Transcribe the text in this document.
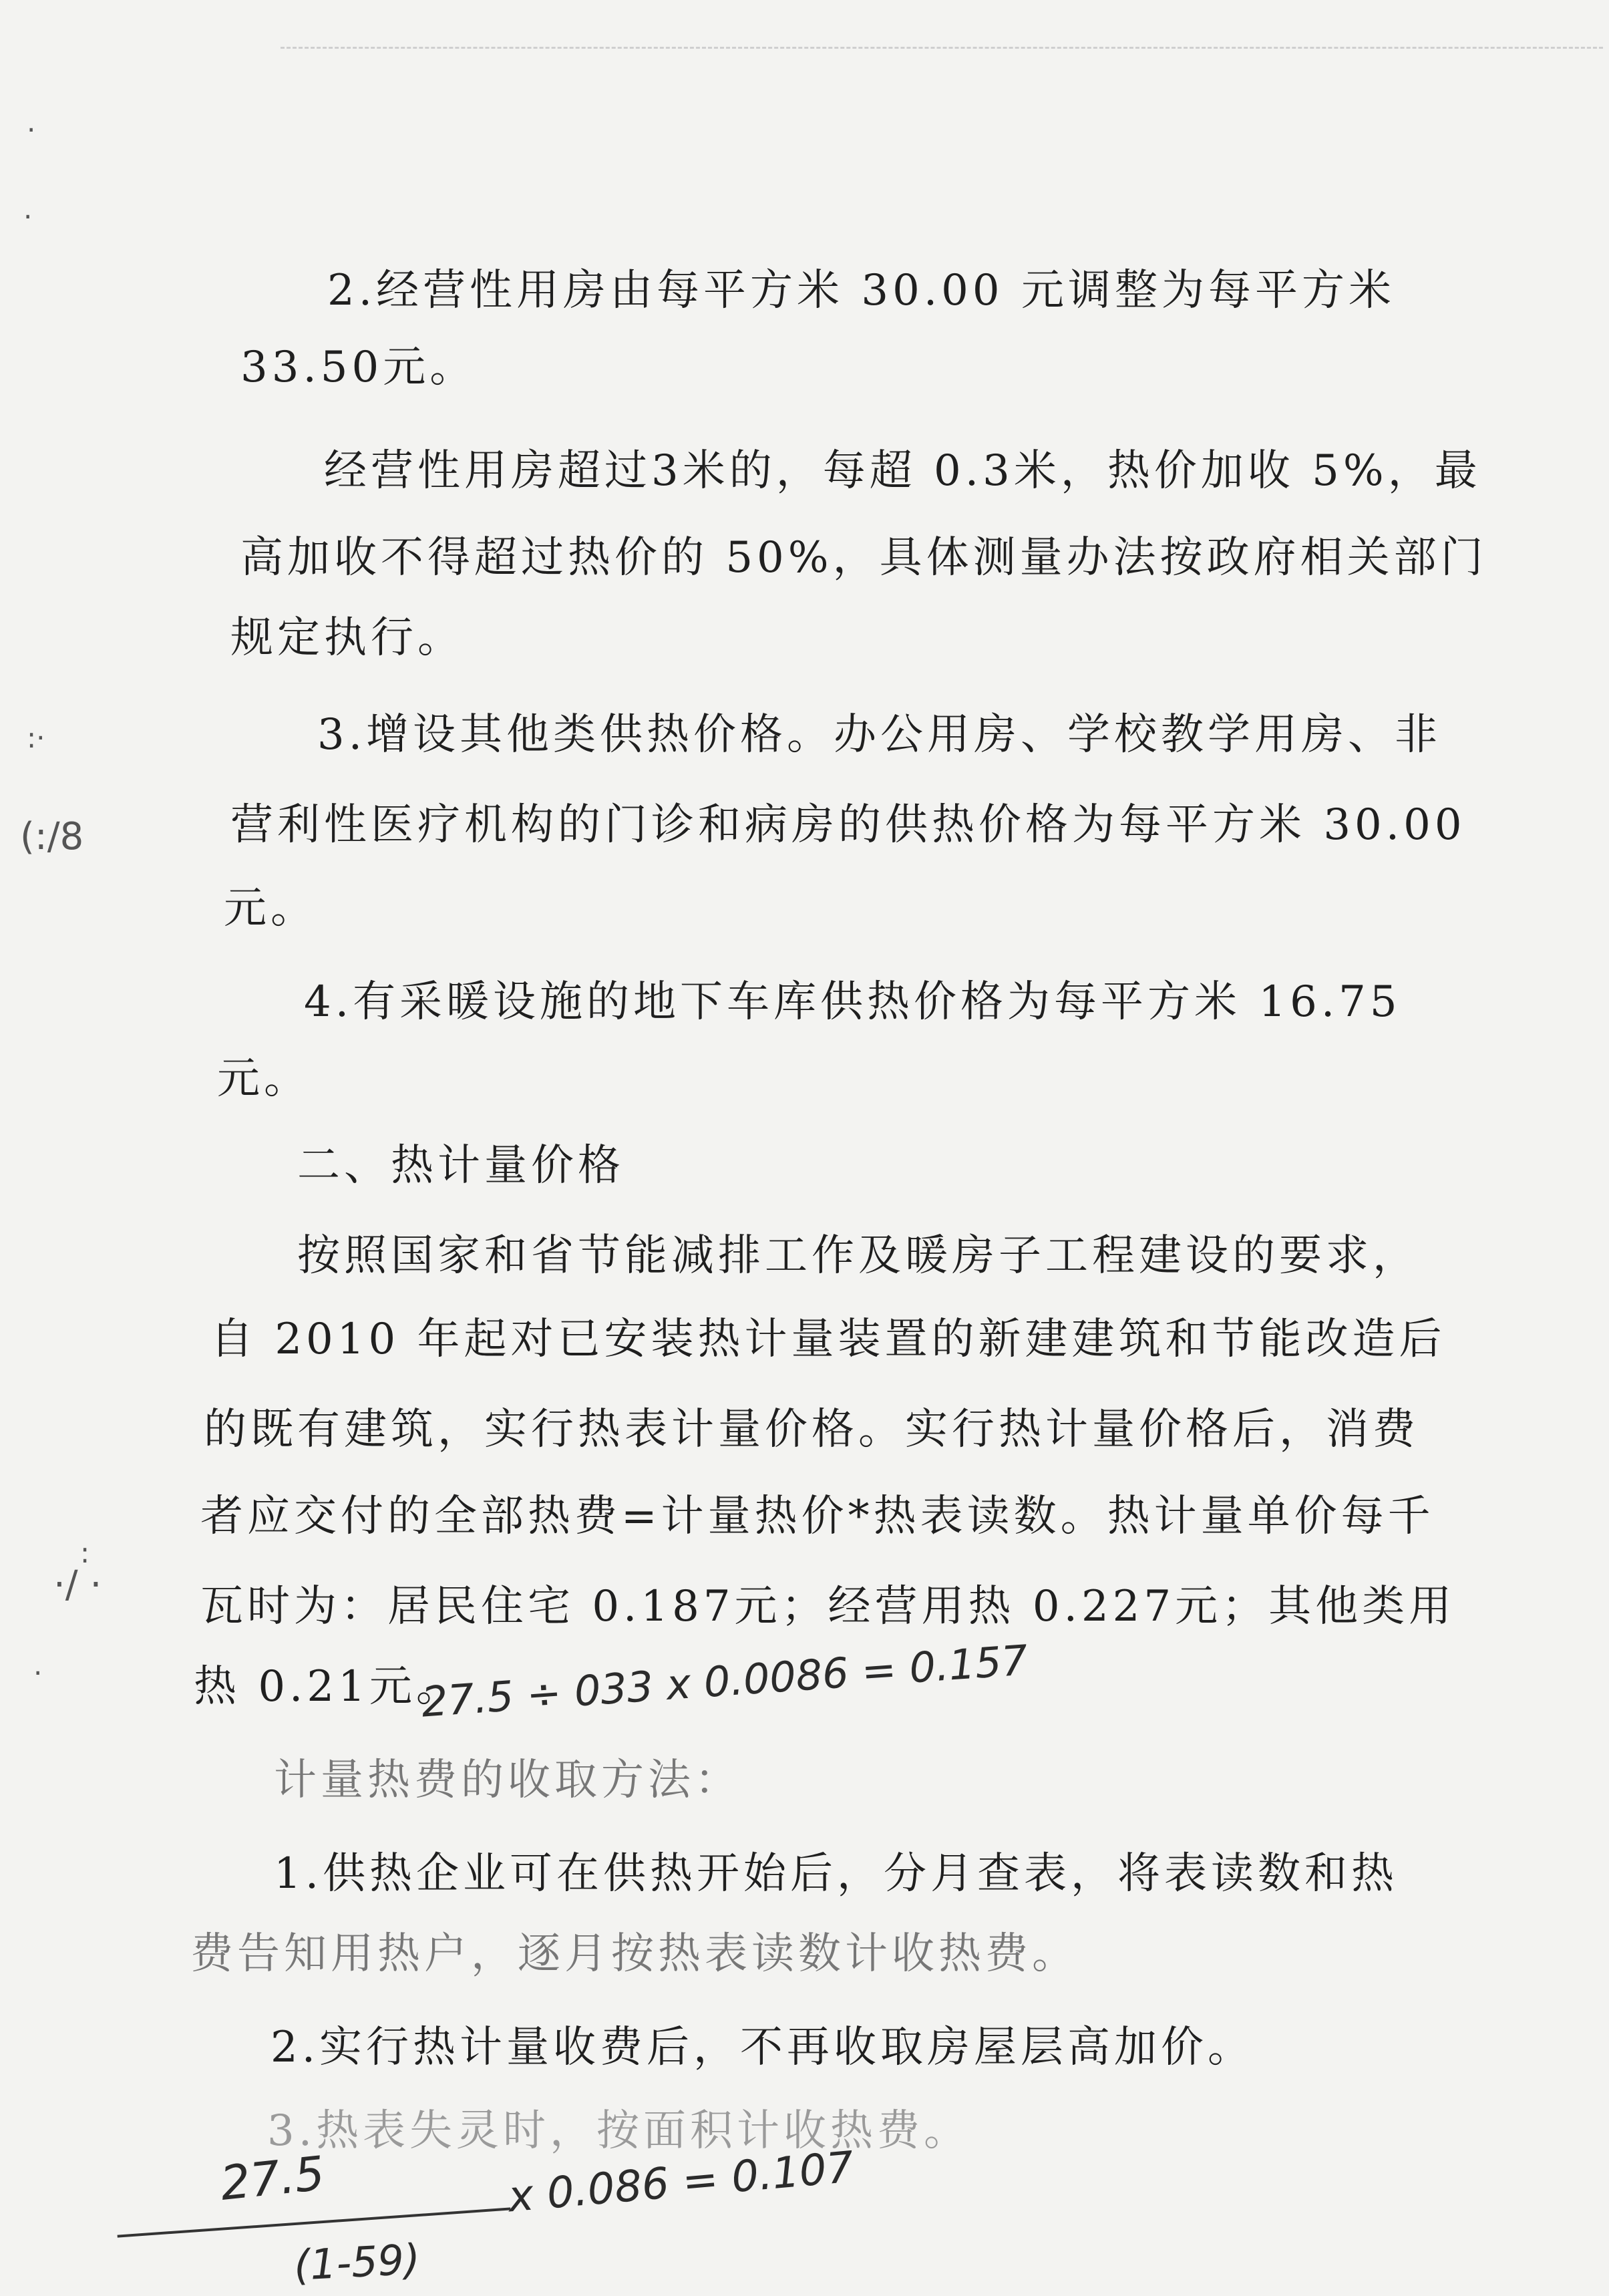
·
·
:·
(:/8
:
·/ ·
·
2.经营性用房由每平方米 30.00 元调整为每平方米
33.50元。
经营性用房超过3米的，每超 0.3米，热价加收 5%，最
高加收不得超过热价的 50%，具体测量办法按政府相关部门
规定执行。
3.增设其他类供热价格。办公用房、学校教学用房、非
营利性医疗机构的门诊和病房的供热价格为每平方米 30.00
元。
4.有采暖设施的地下车库供热价格为每平方米 16.75
元。
二、热计量价格
按照国家和省节能减排工作及暖房子工程建设的要求，
自 2010 年起对已安装热计量装置的新建建筑和节能改造后
的既有建筑，实行热表计量价格。实行热计量价格后，消费
者应交付的全部热费=计量热价*热表读数。热计量单价每千
瓦时为：居民住宅 0.187元；经营用热 0.227元；其他类用
热 0.21元。
计量热费的收取方法：
1.供热企业可在供热开始后，分月查表，将表读数和热
费告知用热户，逐月按热表读数计收热费。
2.实行热计量收费后，不再收取房屋层高加价。
3.热表失灵时，按面积计收热费。
27.5 ÷ 033 x 0.0086 = 0.157
27.5	x 0.086 = 0.107
(1-59)
